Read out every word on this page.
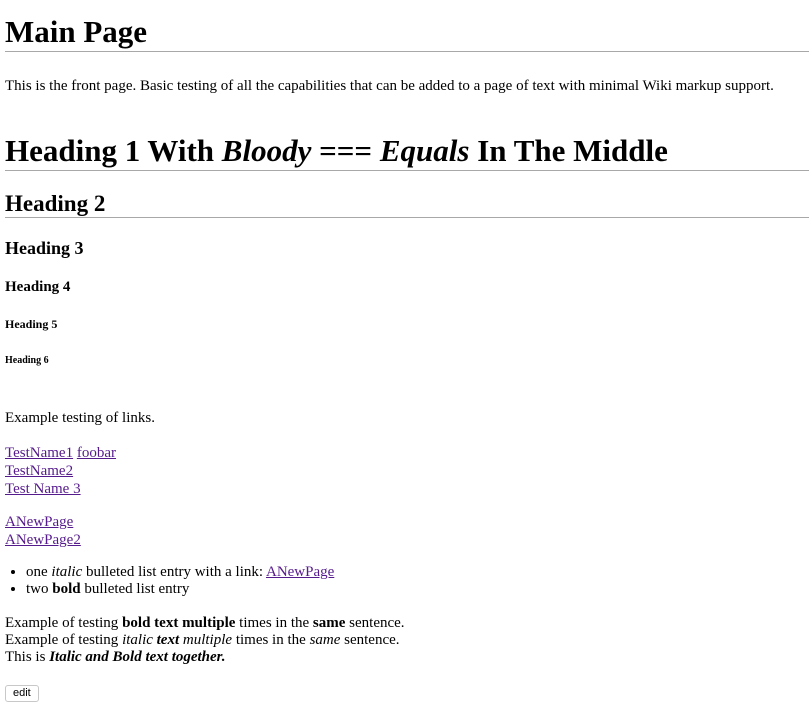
Main Page

This is the front page. Basic testing of all the capabilities that can be added to a page of text with minimal Wiki markup support.

Heading 1 With Bloody === Equals In The Middle
Heading 2
Heading 3
Heading 4
Heading 5
Heading 6

Example testing of links.

TestName1 foobar
TestName2
Test Name 3
ANewPage
ANewPage2
• one italic bulleted list entry with a link: ANewPage
• two bold bulleted list entry

Example of testing bold text multiple times in the same sentence.
Example of testing italic text multiple times in the same sentence.
This is Italic and Bold text together.

edit
